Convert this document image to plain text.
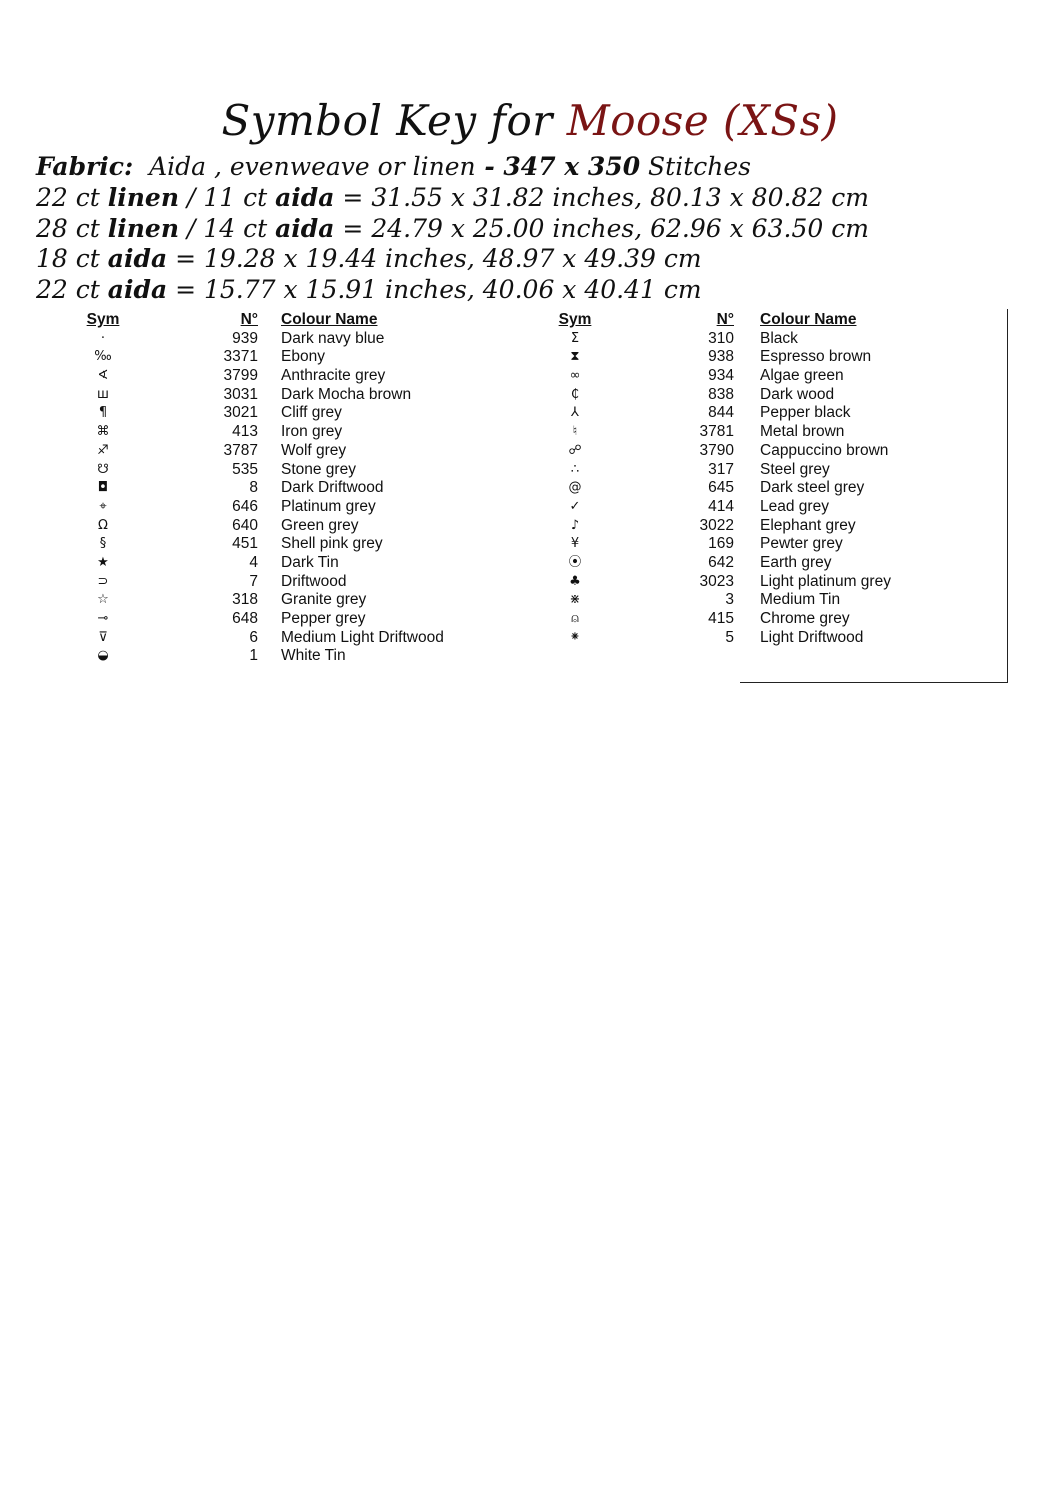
Symbol Key for Moose (XSs)
Fabric: Aida , evenweave or linen - 347 x 350 Stitches
22 ct linen / 11 ct aida = 31.55 x 31.82 inches, 80.13 x 80.82 cm
28 ct linen / 14 ct aida = 24.79 x 25.00 inches, 62.96 x 63.50 cm
18 ct aida = 19.28 x 19.44 inches, 48.97 x 49.39 cm
22 ct aida = 15.77 x 15.91 inches, 40.06 x 40.41 cm
Sym	N° Colour Name
·	939 Dark navy blue
‰	3371 Ebony
∢	3799 Anthracite grey
ш	3031 Dark Mocha brown
¶	3021 Cliff grey
⌘	413 Iron grey
♐	3787 Wolf grey
☋	535 Stone grey
◘	8 Dark Driftwood
⌖	646 Platinum grey
Ω	640 Green grey
§	451 Shell pink grey
★	4 Dark Tin
⊃	7 Driftwood
☆	318 Granite grey
⊸	648 Pepper grey
⊽	6 Medium Light Driftwood
◒	1 White Tin
Sym	N° Colour Name
Σ	310 Black
⧗	938 Espresso brown
∞	934 Algae green
₵	838 Dark wood
⅄	844 Pepper black
♮	3781 Metal brown
☍	3790 Cappuccino brown
∴	317 Steel grey
@	645 Dark steel grey
✓	414 Lead grey
♪	3022 Elephant grey
¥	169 Pewter grey
⦿	642 Earth grey
♣	3023 Light platinum grey
⋇	3 Medium Tin
⍝	415 Chrome grey
⁕	5 Light Driftwood
